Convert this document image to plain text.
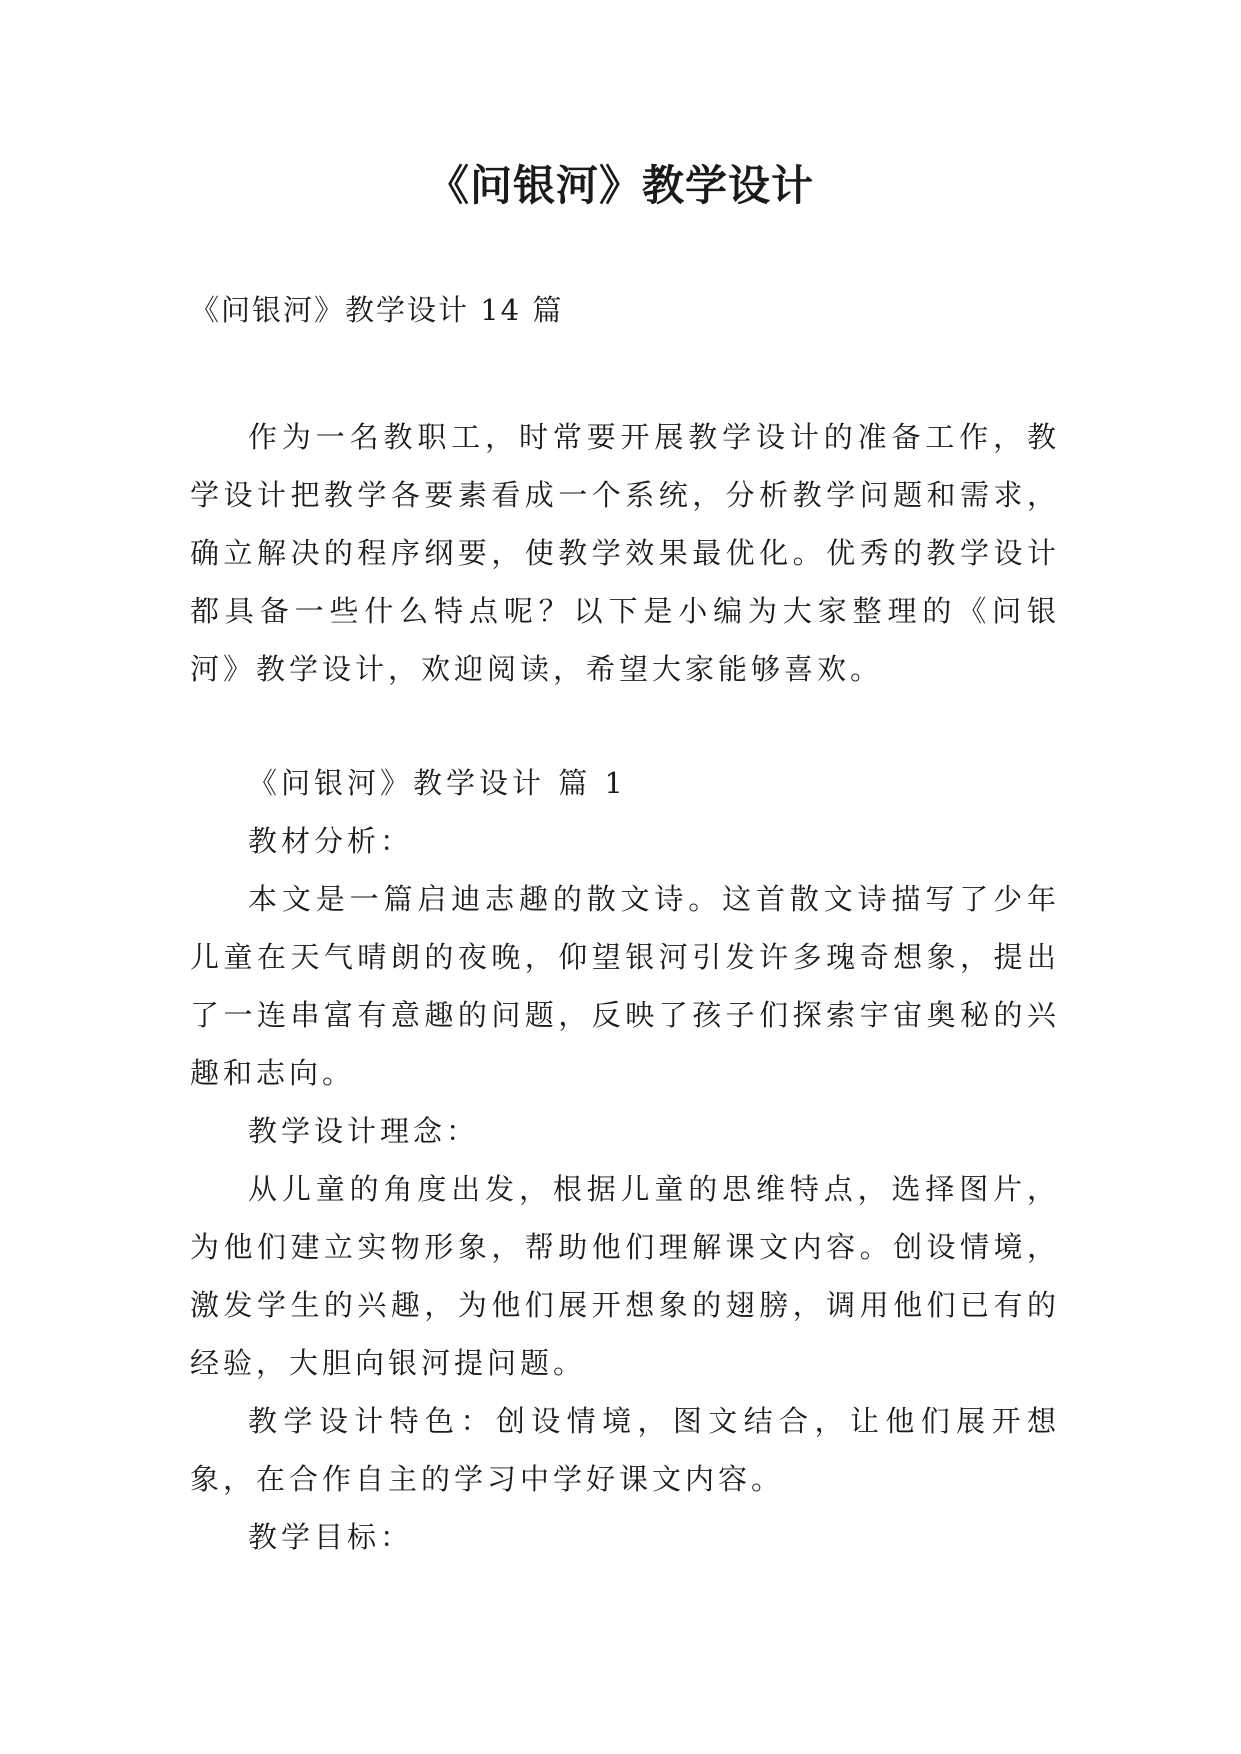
《问银河》教学设计
《问银河》教学设计 14 篇

作为一名教职工，时常要开展教学设计的准备工作，教学设计把教学各要素看成一个系统，分析教学问题和需求，确立解决的程序纲要，使教学效果最优化。优秀的教学设计都具备一些什么特点呢？以下是小编为大家整理的《问银河》教学设计，欢迎阅读，希望大家能够喜欢。

《问银河》教学设计 篇 1

教材分析：

本文是一篇启迪志趣的散文诗。这首散文诗描写了少年儿童在天气晴朗的夜晚，仰望银河引发许多瑰奇想象，提出了一连串富有意趣的问题，反映了孩子们探索宇宙奥秘的兴趣和志向。

教学设计理念：

从儿童的角度出发，根据儿童的思维特点，选择图片，为他们建立实物形象，帮助他们理解课文内容。创设情境，激发学生的兴趣，为他们展开想象的翅膀，调用他们已有的经验，大胆向银河提问题。

教学设计特色：创设情境，图文结合，让他们展开想象，在合作自主的学习中学好课文内容。

教学目标：
